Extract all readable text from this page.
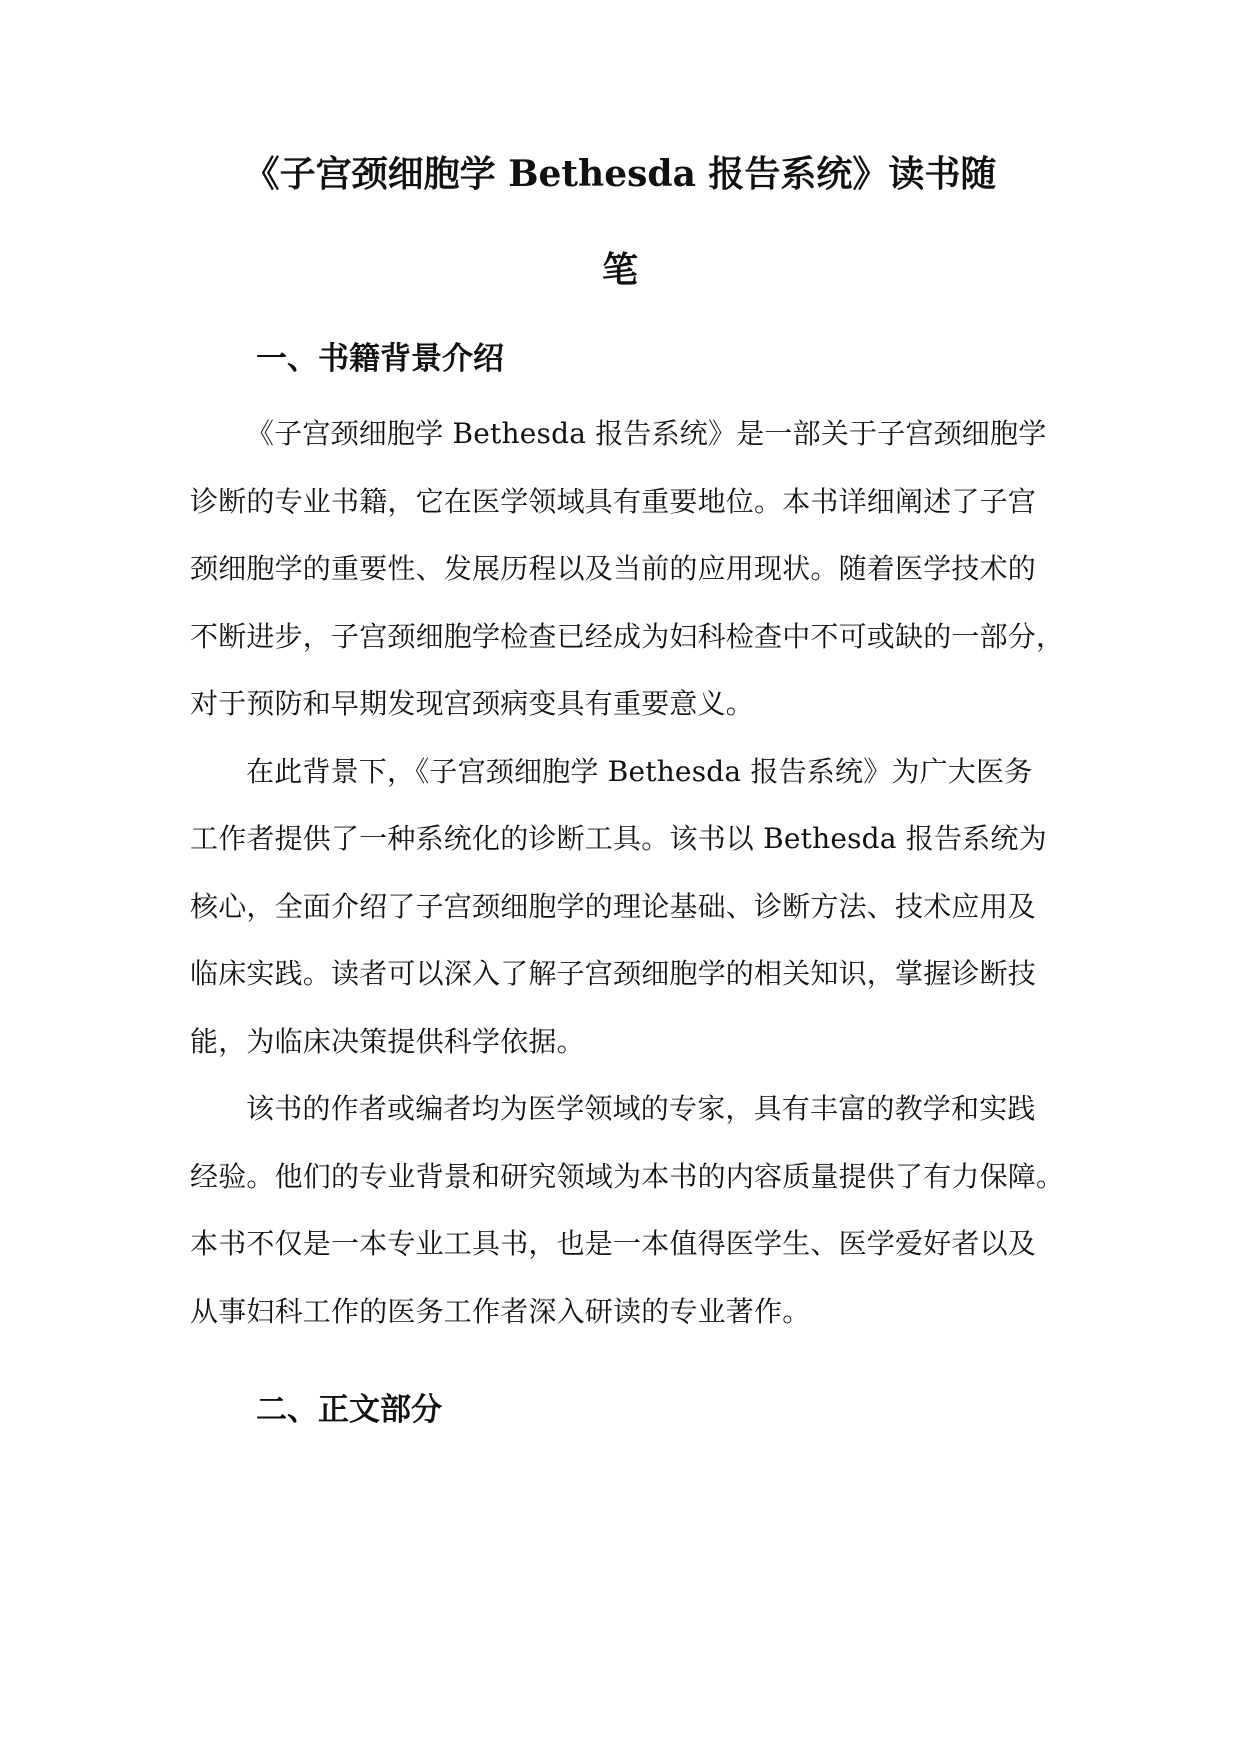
《子宫颈细胞学 Bethesda 报告系统》读书随
笔
一、书籍背景介绍

《子宫颈细胞学 Bethesda 报告系统》是一部关于子宫颈细胞学

诊断的专业书籍，它在医学领域具有重要地位。本书详细阐述了子宫

颈细胞学的重要性、发展历程以及当前的应用现状。随着医学技术的

不断进步，子宫颈细胞学检查已经成为妇科检查中不可或缺的一部分，

对于预防和早期发现宫颈病变具有重要意义。

在此背景下，《子宫颈细胞学 Bethesda 报告系统》为广大医务

工作者提供了一种系统化的诊断工具。该书以 Bethesda 报告系统为

核心，全面介绍了子宫颈细胞学的理论基础、诊断方法、技术应用及

临床实践。读者可以深入了解子宫颈细胞学的相关知识，掌握诊断技

能，为临床决策提供科学依据。

该书的作者或编者均为医学领域的专家，具有丰富的教学和实践

经验。他们的专业背景和研究领域为本书的内容质量提供了有力保障。

本书不仅是一本专业工具书，也是一本值得医学生、医学爱好者以及

从事妇科工作的医务工作者深入研读的专业著作。

二、正文部分
